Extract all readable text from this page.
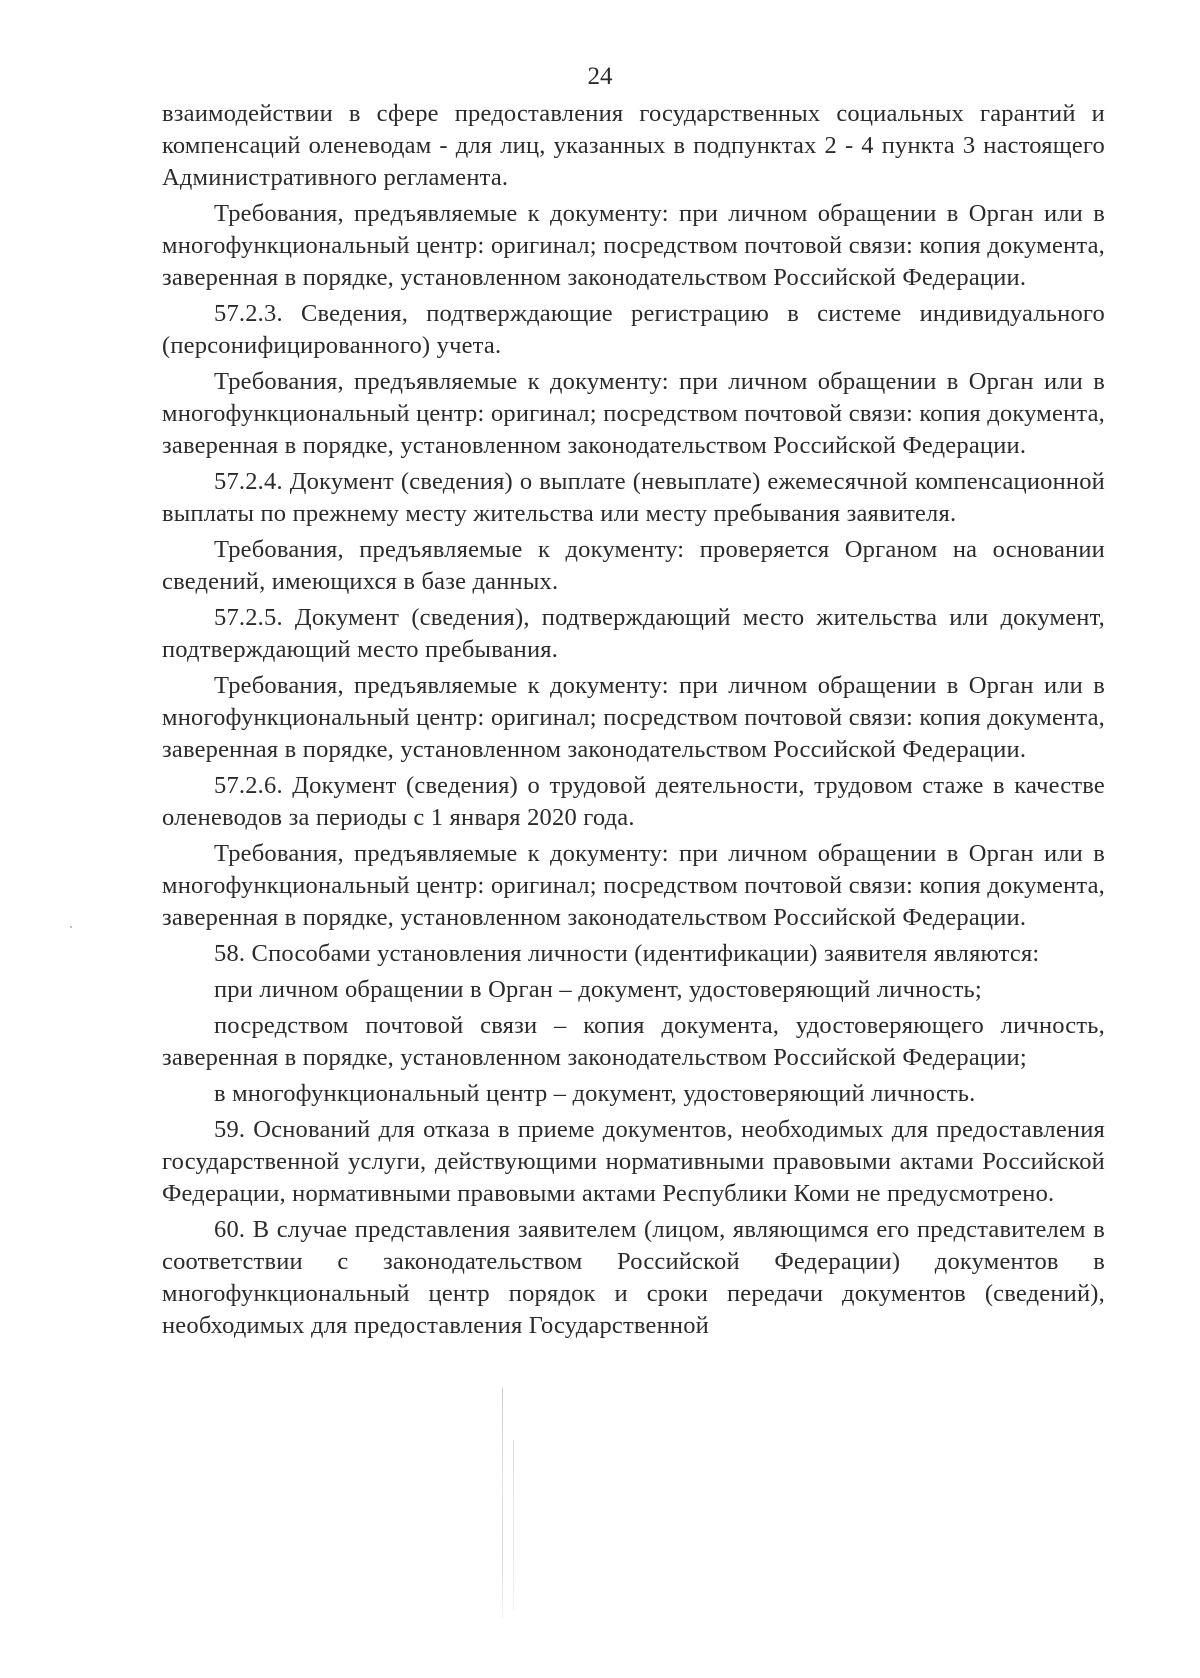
24

взаимодействии в сфере предоставления государственных социальных гарантий и компенсаций оленеводам - для лиц, указанных в подпунктах 2 - 4 пункта 3 настоящего Административного регламента.

Требования, предъявляемые к документу: при личном обращении в Орган или в многофункциональный центр: оригинал; посредством почтовой связи: копия документа, заверенная в порядке, установленном законодательством Российской Федерации.

57.2.3. Сведения, подтверждающие регистрацию в системе индивидуального (персонифицированного) учета.

Требования, предъявляемые к документу: при личном обращении в Орган или в многофункциональный центр: оригинал; посредством почтовой связи: копия документа, заверенная в порядке, установленном законодательством Российской Федерации.

57.2.4. Документ (сведения) о выплате (невыплате) ежемесячной компенсационной выплаты по прежнему месту жительства или месту пребывания заявителя.

Требования, предъявляемые к документу: проверяется Органом на основании сведений, имеющихся в базе данных.

57.2.5. Документ (сведения), подтверждающий место жительства или документ, подтверждающий место пребывания.

Требования, предъявляемые к документу: при личном обращении в Орган или в многофункциональный центр: оригинал; посредством почтовой связи: копия документа, заверенная в порядке, установленном законодательством Российской Федерации.

57.2.6. Документ (сведения) о трудовой деятельности, трудовом стаже в качестве оленеводов за периоды с 1 января 2020 года.

Требования, предъявляемые к документу: при личном обращении в Орган или в многофункциональный центр: оригинал; посредством почтовой связи: копия документа, заверенная в порядке, установленном законодательством Российской Федерации.

58. Способами установления личности (идентификации) заявителя являются:

при личном обращении в Орган – документ, удостоверяющий личность;

посредством почтовой связи – копия документа, удостоверяющего личность, заверенная в порядке, установленном законодательством Российской Федерации;

в многофункциональный центр – документ, удостоверяющий личность.

59. Оснований для отказа в приеме документов, необходимых для предоставления государственной услуги, действующими нормативными правовыми актами Российской Федерации, нормативными правовыми актами Республики Коми не предусмотрено.

60. В случае представления заявителем (лицом, являющимся его представителем в соответствии с законодательством Российской Федерации) документов в многофункциональный центр порядок и сроки передачи документов (сведений), необходимых для предоставления Государственной
